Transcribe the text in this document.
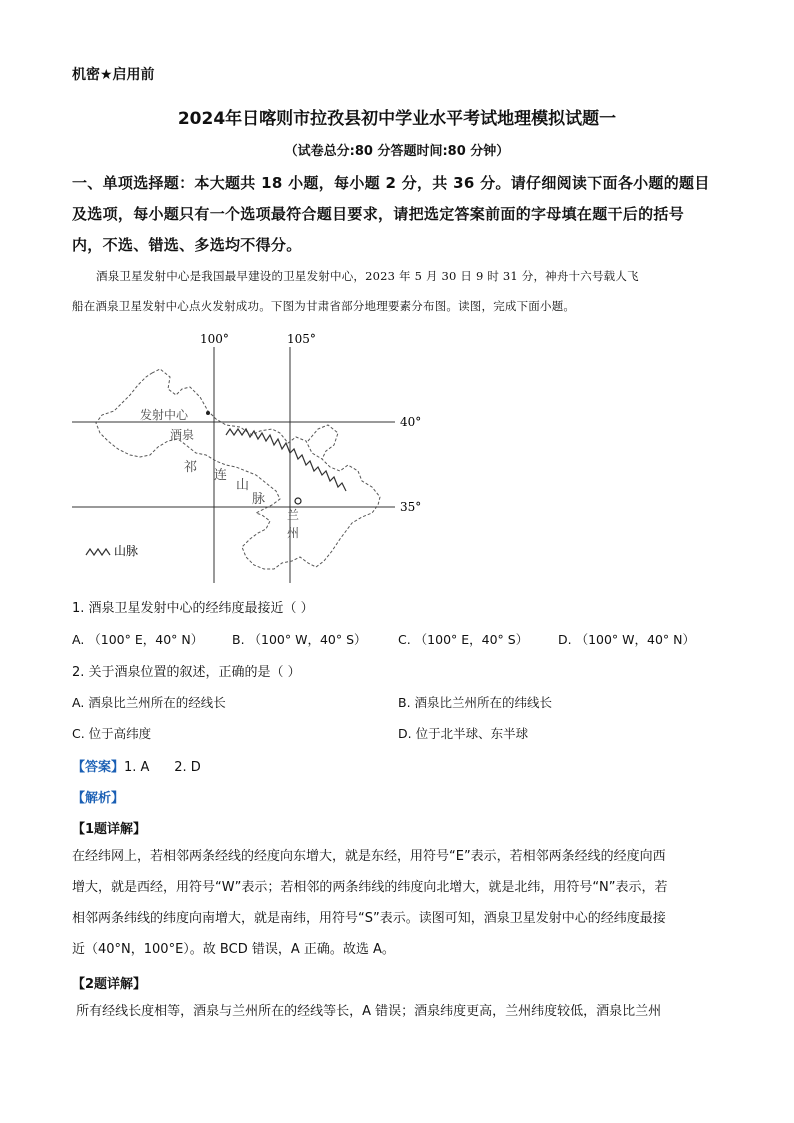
机密★启用前
2024年日喀则市拉孜县初中学业水平考试地理模拟试题一
（试卷总分:80 分答题时间:80 分钟）
一、单项选择题：本大题共 18 小题，每小题 2 分，共 36 分。请仔细阅读下面各小题的题目
及选项，每小题只有一个选项最符合题目要求，请把选定答案前面的字母填在题干后的括号
内，不选、错选、多选均不得分。
酒泉卫星发射中心是我国最早建设的卫星发射中心，2023 年 5 月 30 日 9 时 31 分，神舟十六号载人飞
船在酒泉卫星发射中心点火发射成功。下图为甘肃省部分地理要素分布图。读图，完成下面小题。
100°	105°
40°
35°
发射中心
酒泉
祁
连
山
脉
兰
州
山脉
1. 酒泉卫星发射中心的经纬度最接近（ ）
A. （100° E，40° N） B. （100° W，40° S）	C. （100° E，40° S） D. （100° W，40° N）
2. 关于酒泉位置的叙述，正确的是（ ）
A. 酒泉比兰州所在的经线长	B. 酒泉比兰州所在的纬线长
C. 位于高纬度	D. 位于北半球、东半球
【答案】1. A      2. D
【解析】
【1题详解】
在经纬网上，若相邻两条经线的经度向东增大，就是东经，用符号“E”表示，若相邻两条经线的经度向西
增大，就是西经，用符号“W”表示；若相邻的两条纬线的纬度向北增大，就是北纬，用符号“N”表示，若
相邻两条纬线的纬度向南增大，就是南纬，用符号“S”表示。读图可知，酒泉卫星发射中心的经纬度最接
近（40°N，100°E）。故 BCD 错误，A 正确。故选 A。
【2题详解】
所有经线长度相等，酒泉与兰州所在的经线等长，A 错误；酒泉纬度更高，兰州纬度较低，酒泉比兰州
